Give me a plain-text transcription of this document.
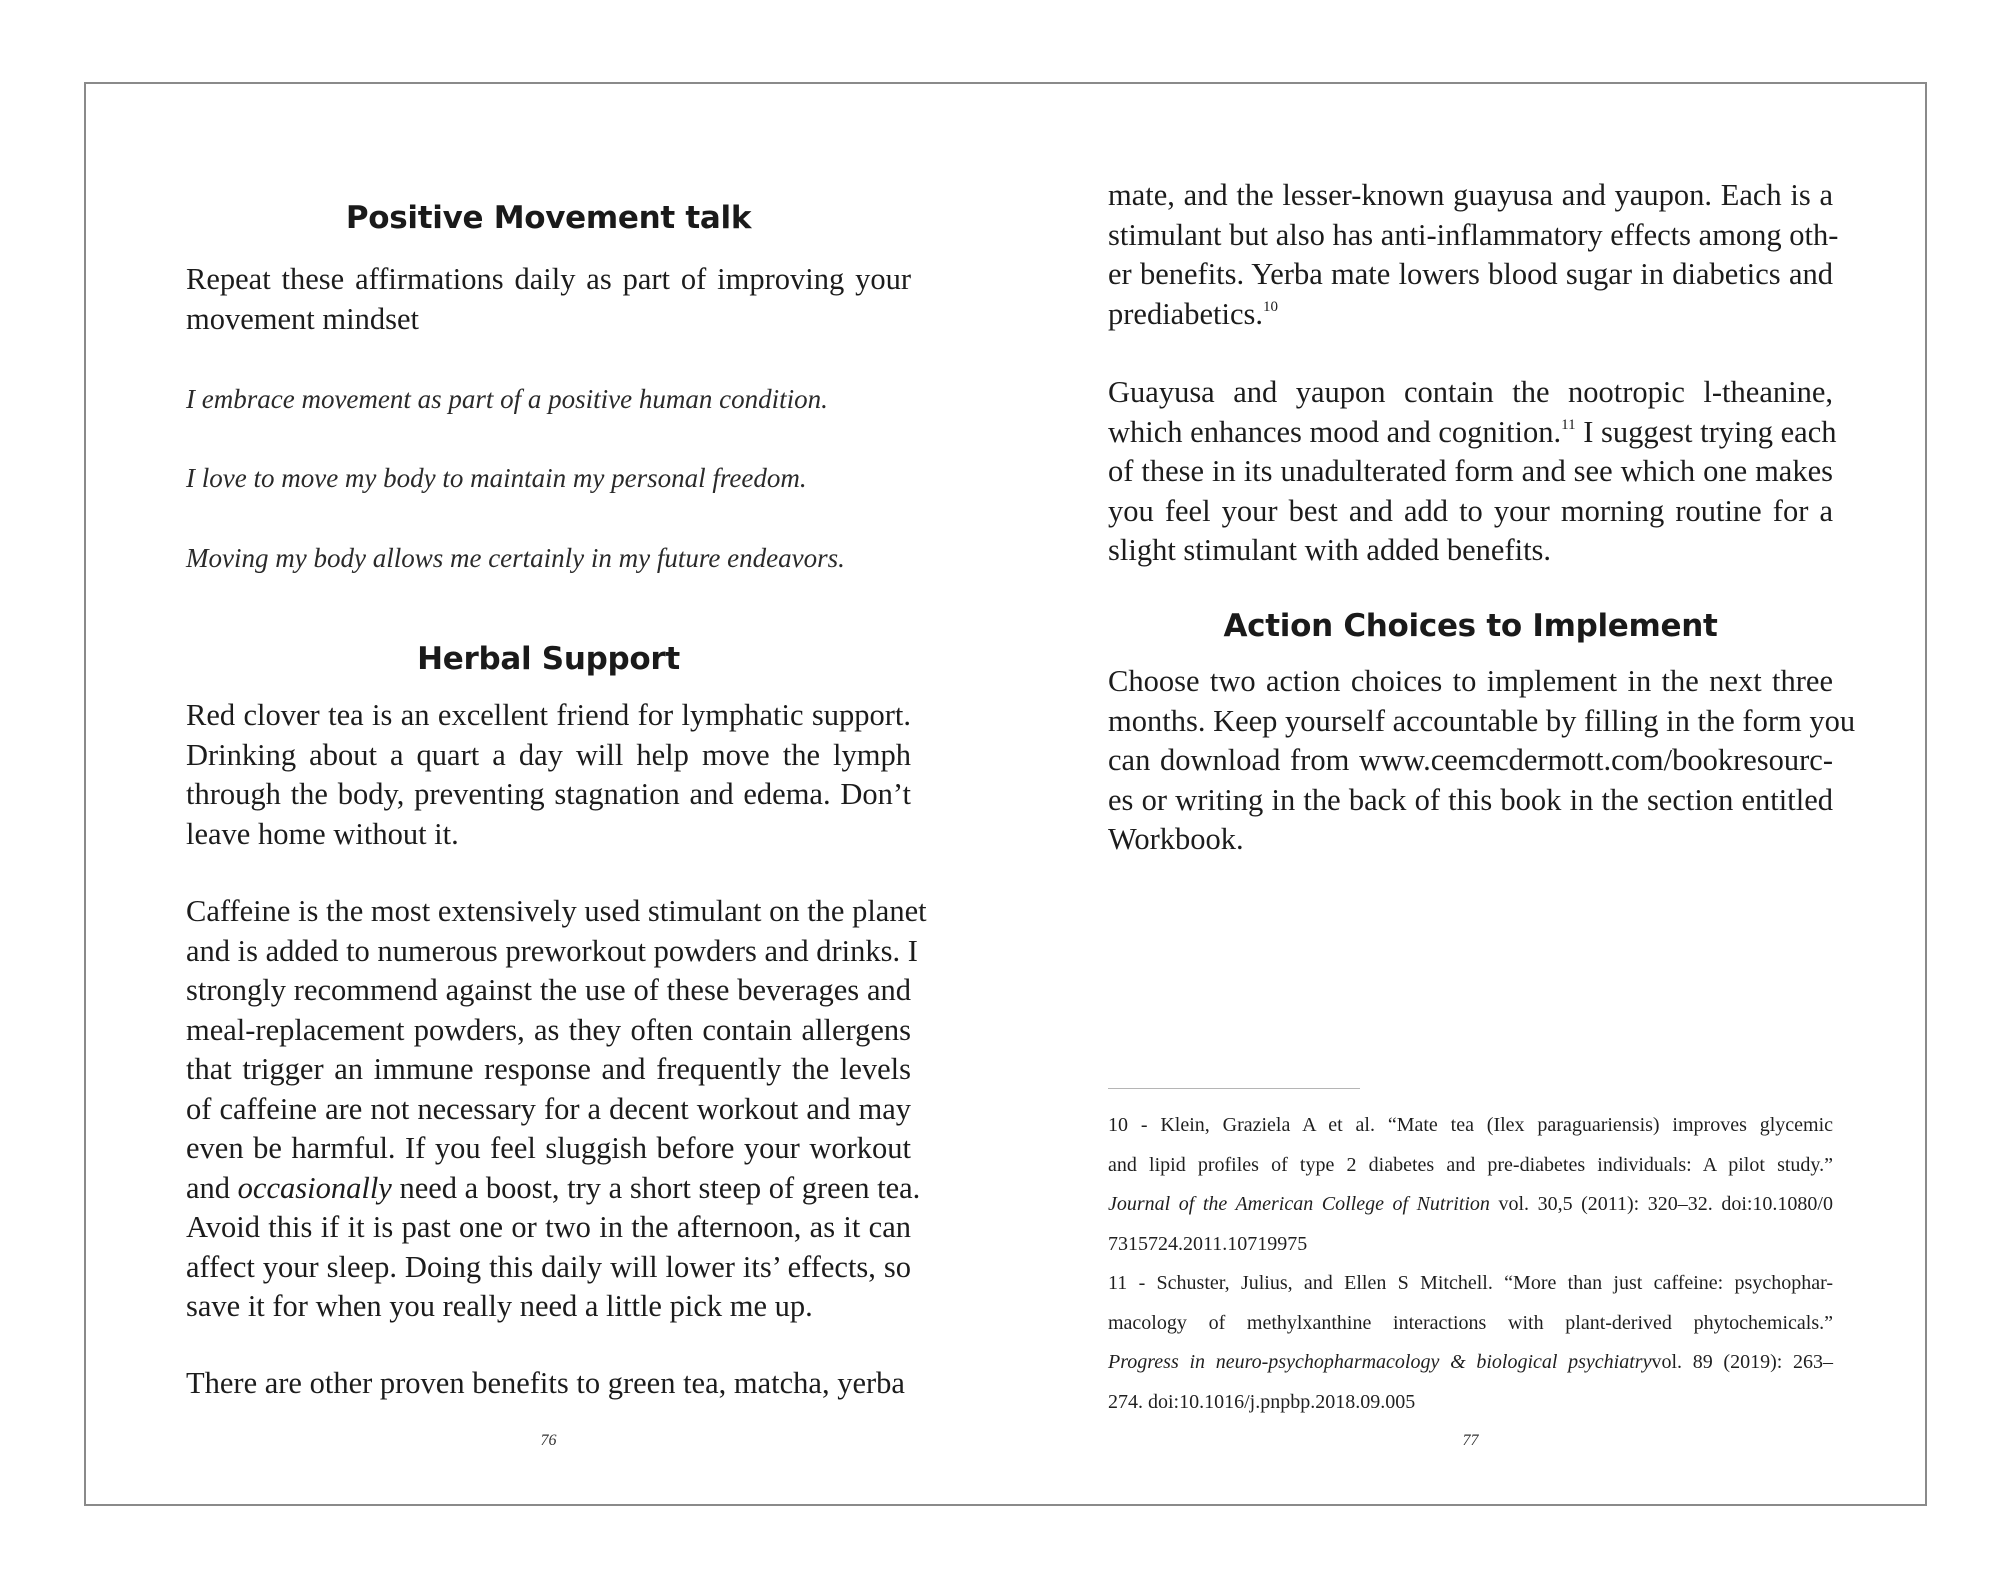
Positive Movement talk
Repeat these affirmations daily as part of improving your
movement mindset

I embrace movement as part of a positive human condition.

I love to move my body to maintain my personal freedom.

Moving my body allows me certainly in my future endeavors.

Herbal Support
Red clover tea is an excellent friend for lymphatic support.
Drinking about a quart a day will help move the lymph
through the body, preventing stagnation and edema. Don’t
leave home without it.
Caffeine is the most extensively used stimulant on the planet
and is added to numerous preworkout powders and drinks. I
strongly recommend against the use of these beverages and
meal-replacement powders, as they often contain allergens
that trigger an immune response and frequently the levels
of caffeine are not necessary for a decent workout and may
even be harmful. If you feel sluggish before your workout
and occasionally need a boost, try a short steep of green tea.
Avoid this if it is past one or two in the afternoon, as it can
affect your sleep. Doing this daily will lower its’ effects, so
save it for when you really need a little pick me up.
There are other proven benefits to green tea, matcha, yerba
76
mate, and the lesser-known guayusa and yaupon. Each is a
stimulant but also has anti-inflammatory effects among oth-
er benefits. Yerba mate lowers blood sugar in diabetics and
prediabetics.$^{10}$
Guayusa and yaupon contain the nootropic l-theanine,
which enhances mood and cognition.$^{11}$ I suggest trying each
of these in its unadulterated form and see which one makes
you feel your best and add to your morning routine for a
slight stimulant with added benefits.
Action Choices to Implement
Choose two action choices to implement in the next three
months. Keep yourself accountable by filling in the form you
can download from www.ceemcdermott.com/bookresourc-
es or writing in the back of this book in the section entitled
Workbook.
10 - Klein, Graziela A et al. “Mate tea (Ilex paraguariensis) improves glycemic
and lipid profiles of type 2 diabetes and pre-diabetes individuals: A pilot study.”
Journal of the American College of Nutrition vol. 30,5 (2011): 320–32. doi:10.1080/0
7315724.2011.10719975
11 - Schuster, Julius, and Ellen S Mitchell. “More than just caffeine: psychophar-
macology of methylxanthine interactions with plant-derived phytochemicals.”
Progress in neuro-psychopharmacology & biological psychiatryvol. 89 (2019): 263–
274. doi:10.1016/j.pnpbp.2018.09.005
77
